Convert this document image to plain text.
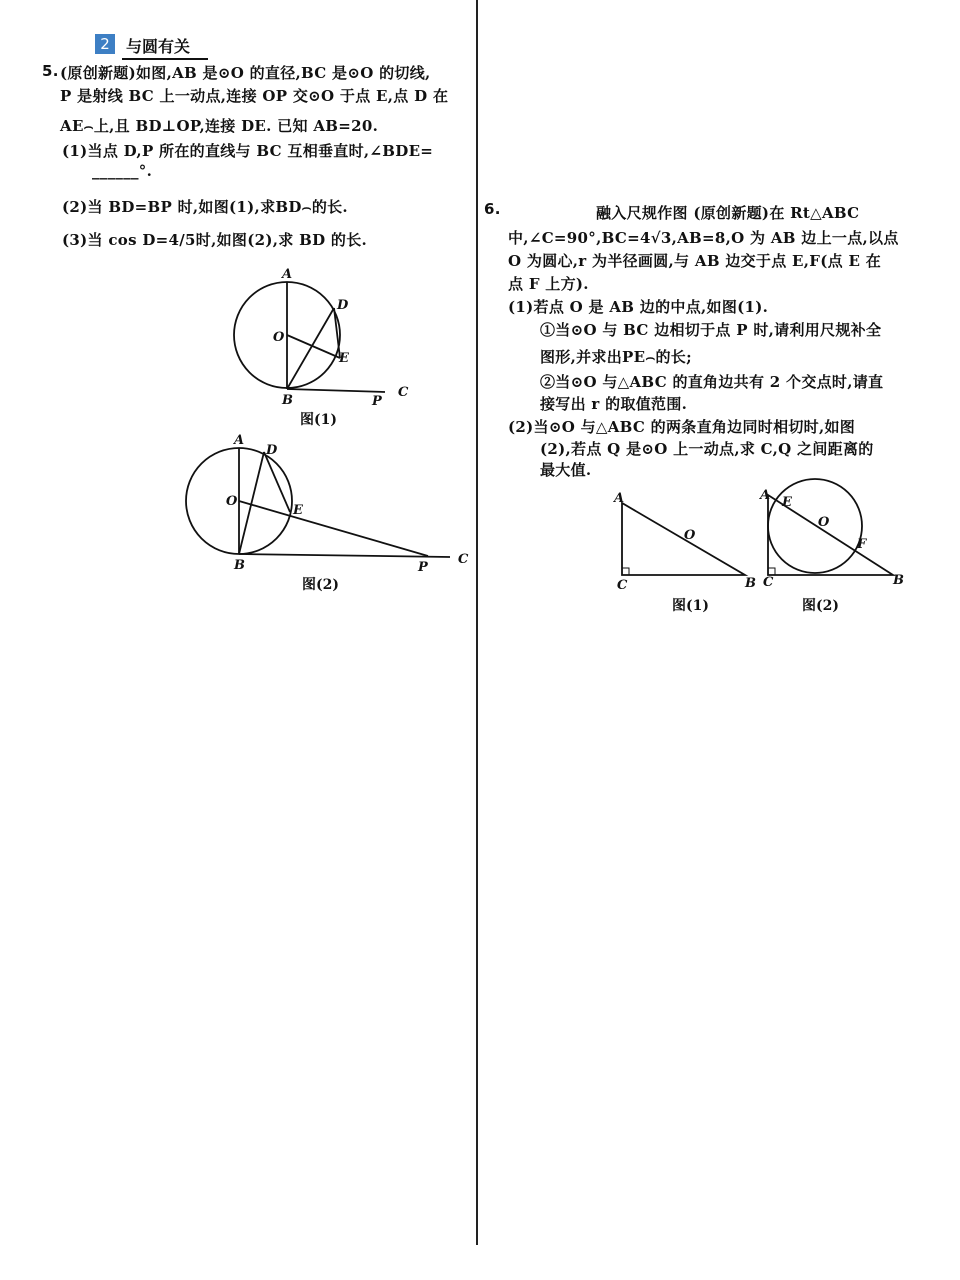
2	与圆有关
5. (原创新题)如图,AB 是⊙O 的直径,BC 是⊙O 的切线,
P 是射线 BC 上一动点,连接 OP 交⊙O 于点 E,点 D 在
AE⌢上,且 BD⊥OP,连接 DE. 已知 AB=20.
(1)当点 D,P 所在的直线与 BC 互相垂直时,∠BDE=
______°.
(2)当 BD=BP 时,如图(1),求BD⌢的长.
(3)当 cos D=4/5时,如图(2),求 BD 的长.
6.	融入尺规作图 (原创新题)在 Rt△ABC
中,∠C=90°,BC=4√3,AB=8,O 为 AB 边上一点,以点
O 为圆心,r 为半径画圆,与 AB 边交于点 E,F(点 E 在
点 F 上方).
(1)若点 O 是 AB 边的中点,如图(1).
①当⊙O 与 BC 边相切于点 P 时,请利用尺规补全
图形,并求出PE⌢的长;
②当⊙O 与△ABC 的直角边共有 2 个交点时,请直
接写出 r 的取值范围.
(2)当⊙O 与△ABC 的两条直角边同时相切时,如图
(2),若点 Q 是⊙O 上一动点,求 C,Q 之间距离的
最大值.
A
D
O
E
B	P
C
图(1)
A
D
O
E
B	P
C
图(2)
A
O
C	B
图(1)
A E
O
F
C	B
图(2)
